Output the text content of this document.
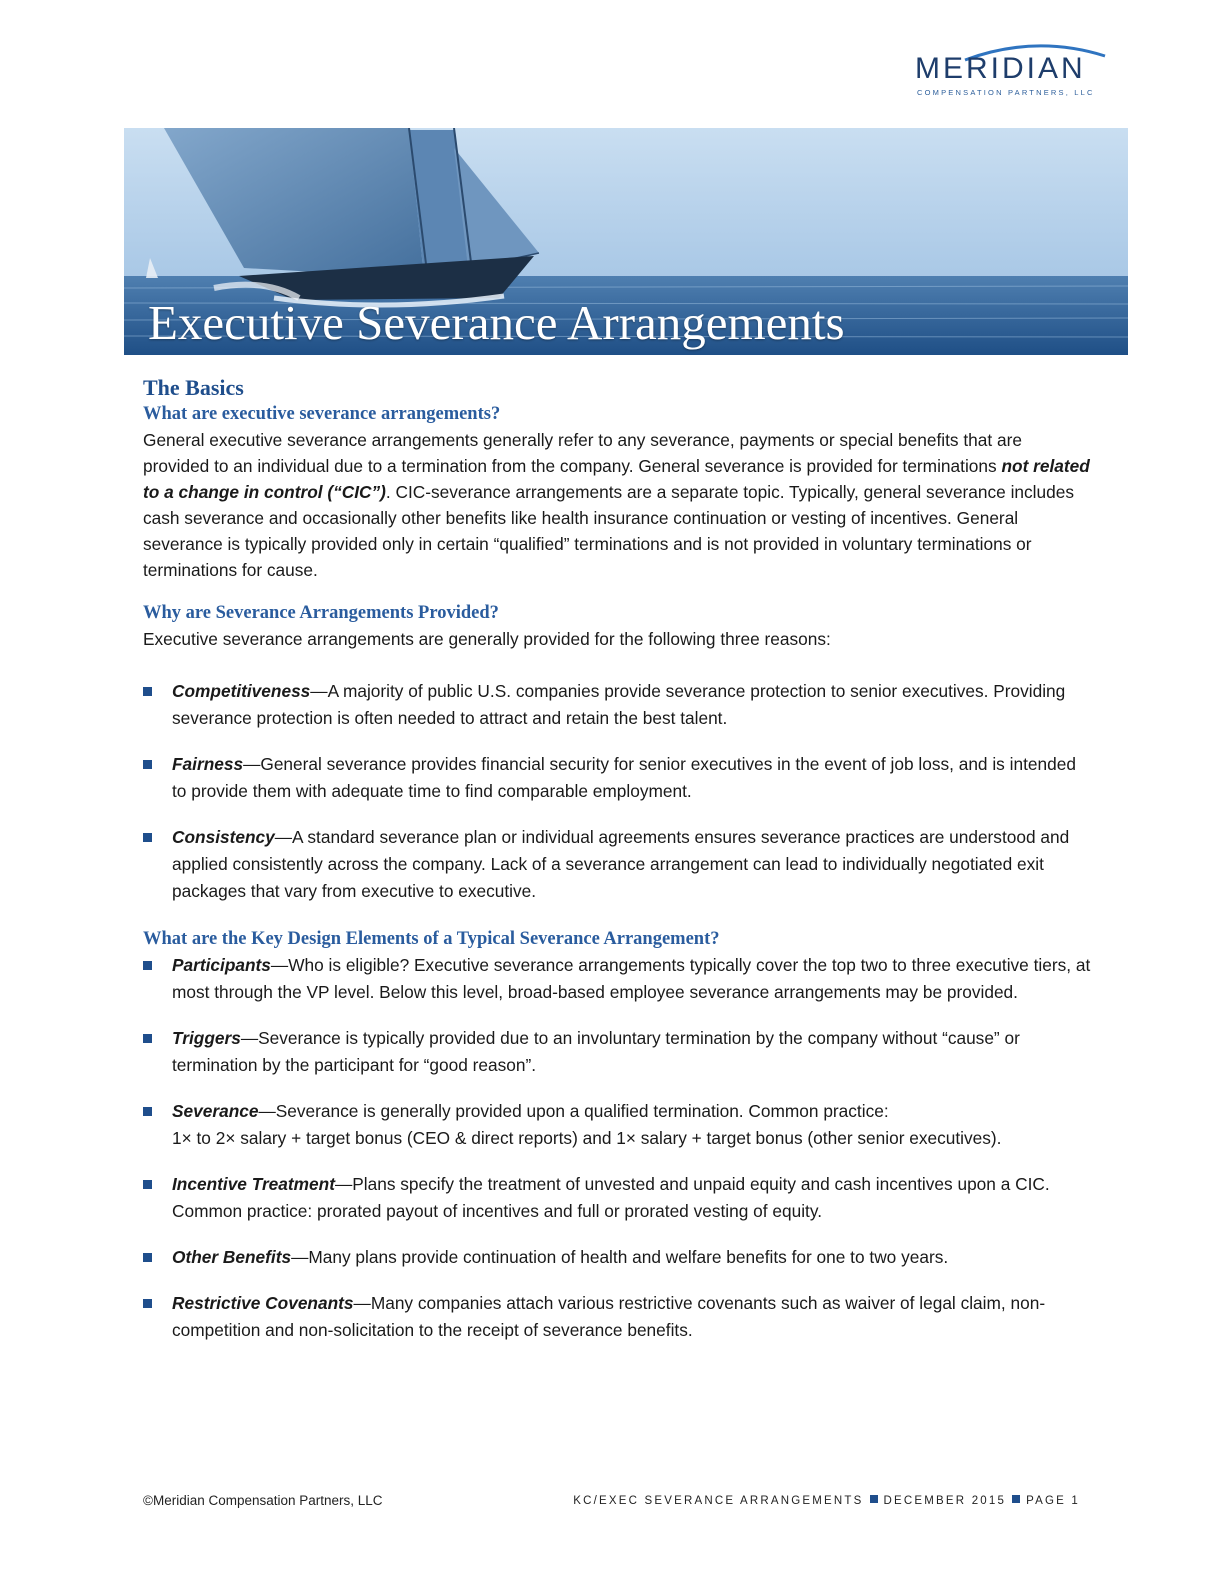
MERIDIAN
COMPENSATION PARTNERS, LLC
Executive Severance Arrangements
The Basics
What are executive severance arrangements?

General executive severance arrangements generally refer to any severance, payments or special benefits that are provided to an individual due to a termination from the company. General severance is provided for terminations not related to a change in control (“CIC”). CIC-severance arrangements are a separate topic. Typically, general severance includes cash severance and occasionally other benefits like health insurance continuation or vesting of incentives. General severance is typically provided only in certain “qualified” terminations and is not provided in voluntary terminations or terminations for cause.

Why are Severance Arrangements Provided?

Executive severance arrangements are generally provided for the following three reasons:

Competitiveness—A majority of public U.S. companies provide severance protection to senior executives. Providing severance protection is often needed to attract and retain the best talent.
Fairness—General severance provides financial security for senior executives in the event of job loss, and is intended to provide them with adequate time to find comparable employment.
Consistency—A standard severance plan or individual agreements ensures severance practices are understood and applied consistently across the company. Lack of a severance arrangement can lead to individually negotiated exit packages that vary from executive to executive.
What are the Key Design Elements of a Typical Severance Arrangement?
Participants—Who is eligible? Executive severance arrangements typically cover the top two to three executive tiers, at most through the VP level. Below this level, broad-based employee severance arrangements may be provided.
Triggers—Severance is typically provided due to an involuntary termination by the company without “cause” or termination by the participant for “good reason”.
Severance—Severance is generally provided upon a qualified termination. Common practice:
1× to 2× salary + target bonus (CEO & direct reports) and 1× salary + target bonus (other senior executives).
Incentive Treatment—Plans specify the treatment of unvested and unpaid equity and cash incentives upon a CIC. Common practice: prorated payout of incentives and full or prorated vesting of equity.
Other Benefits—Many plans provide continuation of health and welfare benefits for one to two years.
Restrictive Covenants—Many companies attach various restrictive covenants such as waiver of legal claim, non-competition and non-solicitation to the receipt of severance benefits.
©Meridian Compensation Partners, LLC	KC/EXEC SEVERANCE ARRANGEMENTS DECEMBER 2015 PAGE 1
